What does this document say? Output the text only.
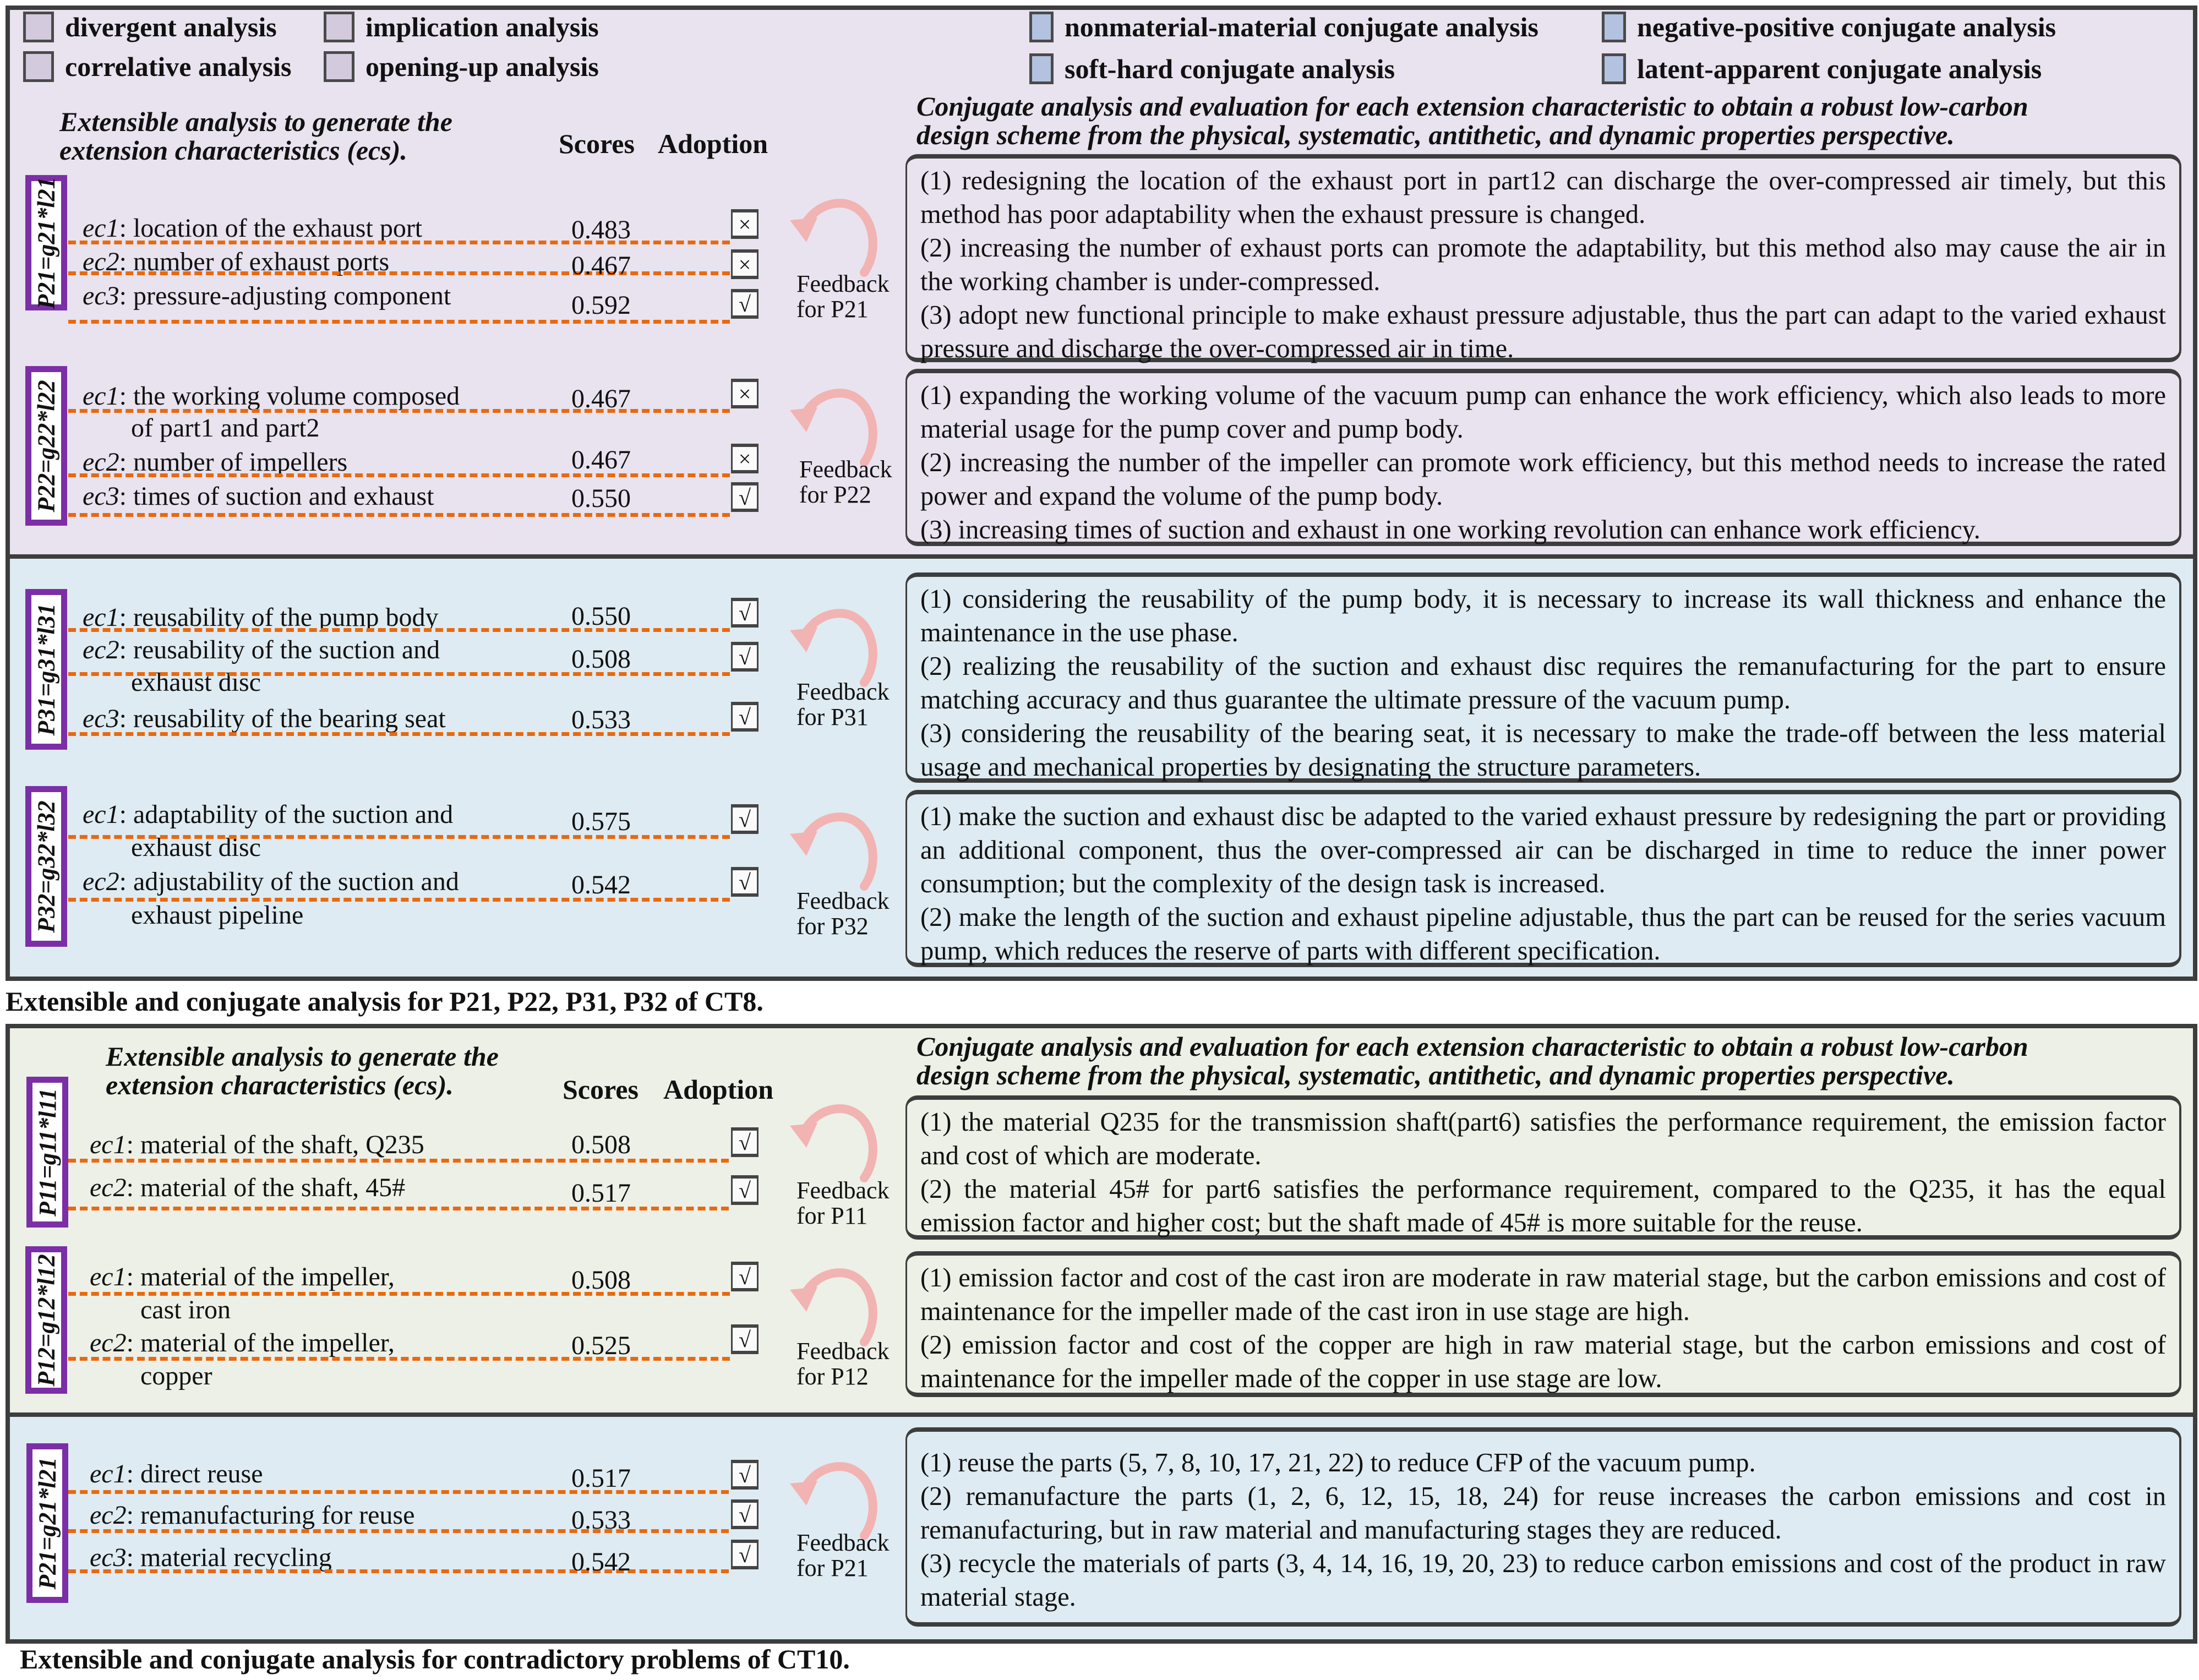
divergent analysis	implication analysis
correlative analysis	opening-up analysis
nonmaterial-material conjugate analysis	negative-positive conjugate analysis
soft-hard conjugate analysis	latent-apparent conjugate analysis
Extensible analysis to generate the
extension characteristics (ecs).	Scores Adoption
Conjugate analysis and evaluation for each extension characteristic to obtain a robust low-carbon
design scheme from the physical, systematic, antithetic, and dynamic properties perspective.
P21=g21*l21 ec1: location of the exhaust port	0.483	×
ec2: number of exhaust ports	0.467	×
ec3: pressure-adjusting component	0.592	√
Feedback for P21
(1) redesigning the location of the exhaust port in part12 can discharge the over-compressed air timely, but this method has poor adaptability when the exhaust pressure is changed.
(2) increasing the number of exhaust ports can promote the adaptability, but this method also may cause the air in the working chamber is under-compressed.
(3) adopt new functional principle to make exhaust pressure adjustable, thus the part can adapt to the varied exhaust pressure and discharge the over-compressed air in time.
P22=g22*l22 ec1: the working volume composed
of part1 and part2
0.467	×
ec2: number of impellers	0.467	×
ec3: times of suction and exhaust	0.550	√
Feedback for P22
(1) expanding the working volume of the vacuum pump can enhance the work efficiency, which also leads to more material usage for the pump cover and pump body.
(2) increasing the number of the impeller can promote work efficiency, but this method needs to increase the rated power and expand the volume of the pump body.
(3) increasing times of suction and exhaust in one working revolution can enhance work efficiency.
P31=g31*l31 ec1: reusability of the pump body	0.550	√
ec2: reusability of the suction and
exhaust disc
0.508	√
ec3: reusability of the bearing seat	0.533	√
Feedback for P31
(1) considering the reusability of the pump body, it is necessary to increase its wall thickness and enhance the maintenance in the use phase.
(2) realizing the reusability of the suction and exhaust disc requires the remanufacturing for the part to ensure matching accuracy and thus guarantee the ultimate pressure of the vacuum pump.
(3) considering the reusability of the bearing seat, it is necessary to make the trade-off between the less material usage and mechanical properties by designating the structure parameters.
P32=g32*l32 ec1: adaptability of the suction and
exhaust disc
0.575	√
ec2: adjustability of the suction and
exhaust pipeline
0.542	√
Feedback for P32
(1) make the suction and exhaust disc be adapted to the varied exhaust pressure by redesigning the part or providing an additional component, thus the over-compressed air can be discharged in time to reduce the inner power consumption; but the complexity of the design task is increased.
(2) make the length of the suction and exhaust pipeline adjustable, thus the part can be reused for the series vacuum pump, which reduces the reserve of parts with different specification.
Extensible and conjugate analysis for P21, P22, P31, P32 of CT8.
Extensible analysis to generate the
extension characteristics (ecs).	Scores Adoption
Conjugate analysis and evaluation for each extension characteristic to obtain a robust low-carbon
design scheme from the physical, systematic, antithetic, and dynamic properties perspective.
P11=g11*l11 ec1: material of the shaft, Q235	0.508	√
ec2: material of the shaft, 45#	0.517	√	Feedback for P11
(1) the material Q235 for the transmission shaft(part6) satisfies the performance requirement, the emission factor and cost of which are moderate.
(2) the material 45# for part6 satisfies the performance requirement, compared to the Q235, it has the equal emission factor and higher cost; but the shaft made of 45# is more suitable for the reuse.
P12=g12*l12 ec1: material of the impeller,
cast iron
0.508	√
ec2: material of the impeller,
copper
0.525	√	Feedback for P12
(1) emission factor and cost of the cast iron are moderate in raw material stage, but the carbon emissions and cost of maintenance for the impeller made of the cast iron in use stage are high.
(2) emission factor and cost of the copper are high in raw material stage, but the carbon emissions and cost of maintenance for the impeller made of the copper in use stage are low.
P21=g21*l21 ec1: direct reuse	0.517	√
ec2: remanufacturing for reuse	0.533	√
ec3: material recycling	0.542	√	Feedback for P21
(1) reuse the parts (5, 7, 8, 10, 17, 21, 22) to reduce CFP of the vacuum pump.
(2) remanufacture the parts (1, 2, 6, 12, 15, 18, 24) for reuse increases the carbon emissions and cost in remanufacturing, but in raw material and manufacturing stages they are reduced.
(3) recycle the materials of parts (3, 4, 14, 16, 19, 20, 23) to reduce carbon emissions and cost of the product in raw material stage.
Extensible and conjugate analysis for contradictory problems of CT10.
